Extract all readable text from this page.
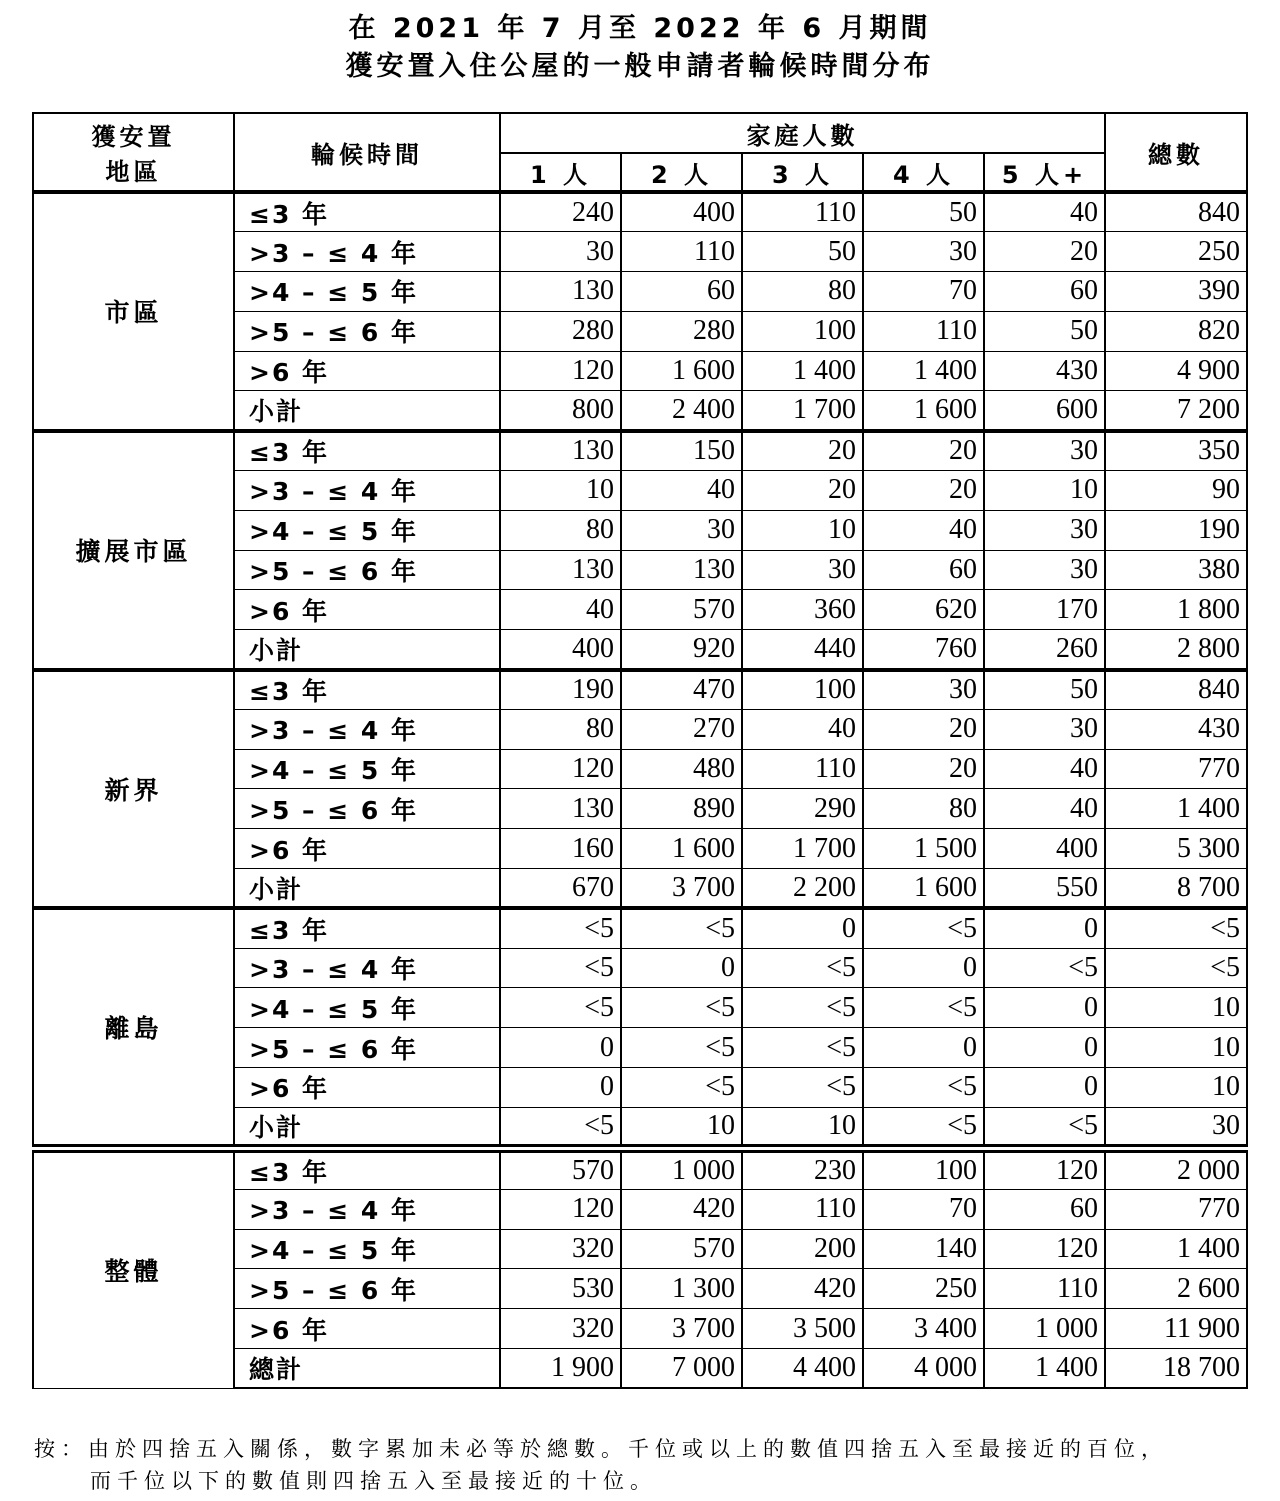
在 2021 年 7 月至 2022 年 6 月期間
獲安置入住公屋的一般申請者輪候時間分布
獲安置
地區	輪候時間	家庭人數					總數
		1 人	2 人	3 人	4 人	5 人+	
市區	≤3 年	240	400	110	50	40	840
	>3 – ≤ 4 年	30	110	50	30	20	250
	>4 – ≤ 5 年	130	60	80	70	60	390
	>5 – ≤ 6 年	280	280	100	110	50	820
	>6 年	120	1 600	1 400	1 400	430	4 900
	小計	800	2 400	1 700	1 600	600	7 200
擴展市區	≤3 年	130	150	20	20	30	350
	>3 – ≤ 4 年	10	40	20	20	10	90
	>4 – ≤ 5 年	80	30	10	40	30	190
	>5 – ≤ 6 年	130	130	30	60	30	380
	>6 年	40	570	360	620	170	1 800
	小計	400	920	440	760	260	2 800
新界	≤3 年	190	470	100	30	50	840
	>3 – ≤ 4 年	80	270	40	20	30	430
	>4 – ≤ 5 年	120	480	110	20	40	770
	>5 – ≤ 6 年	130	890	290	80	40	1 400
	>6 年	160	1 600	1 700	1 500	400	5 300
	小計	670	3 700	2 200	1 600	550	8 700
離島	≤3 年	<5	<5	0	<5	0	<5
	>3 – ≤ 4 年	<5	0	<5	0	<5	<5
	>4 – ≤ 5 年	<5	<5	<5	<5	0	10
	>5 – ≤ 6 年	0	<5	<5	0	0	10
	>6 年	0	<5	<5	<5	0	10
	小計	<5	10	10	<5	<5	30
整體	≤3 年	570	1 000	230	100	120	2 000
	>3 – ≤ 4 年	120	420	110	70	60	770
	>4 – ≤ 5 年	320	570	200	140	120	1 400
	>5 – ≤ 6 年	530	1 300	420	250	110	2 600
	>6 年	320	3 700	3 500	3 400	1 000	11 900
	總計	1 900	7 000	4 400	4 000	1 400	18 700
按：由於四捨五入關係，數字累加未必等於總數。千位或以上的數值四捨五入至最接近的百位，
而千位以下的數值則四捨五入至最接近的十位。
